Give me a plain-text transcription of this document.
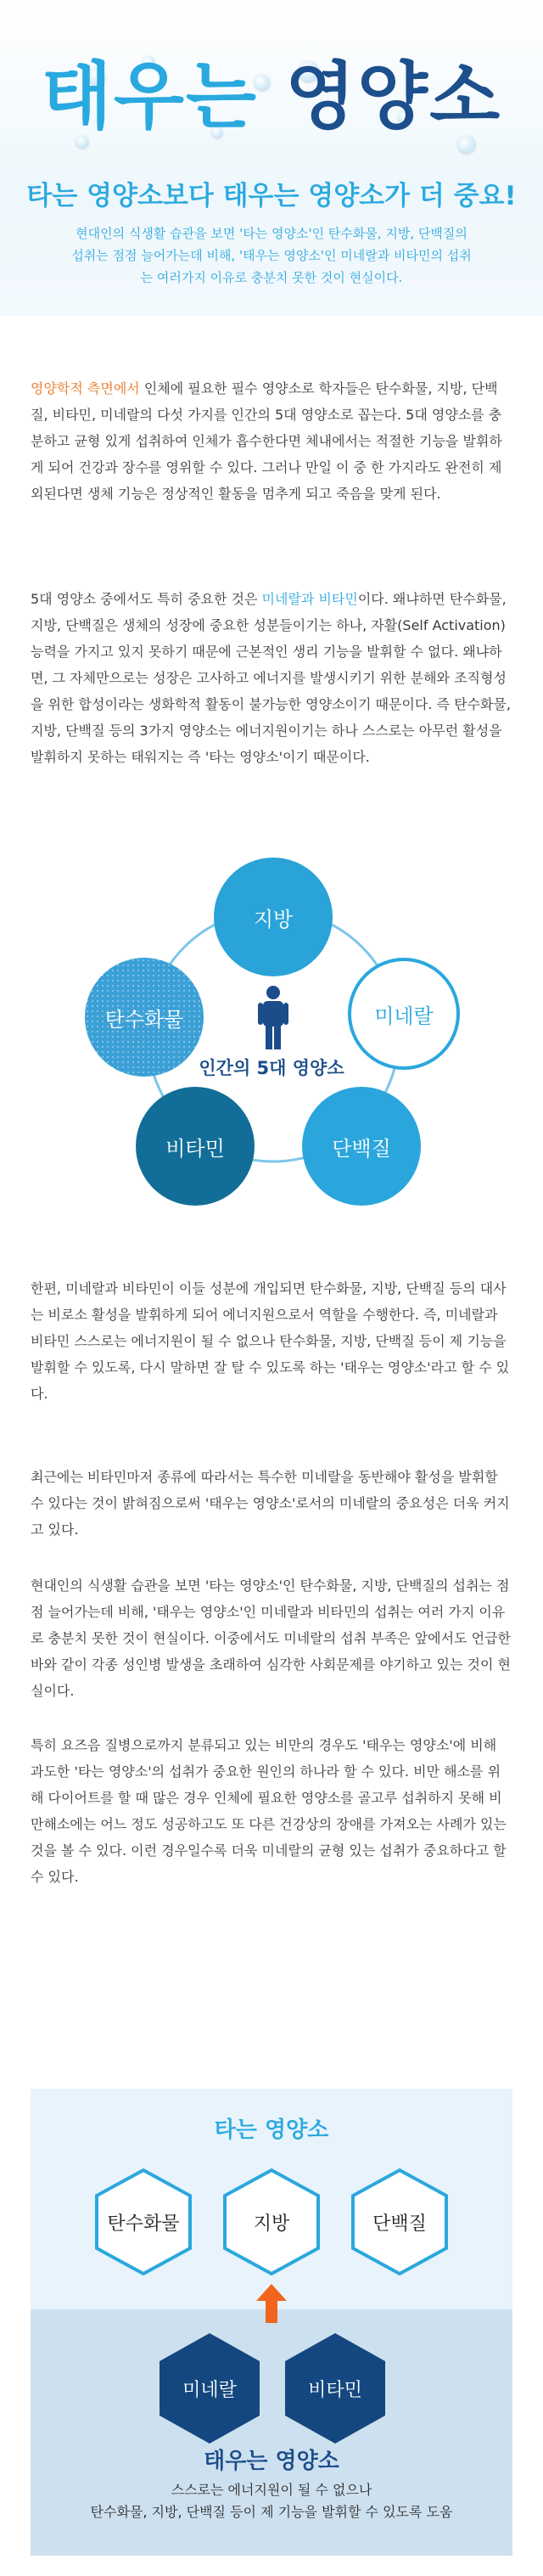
태우는 영양소
타는 영양소보다 태우는 영양소가 더 중요!
현대인의 식생활 습관을 보면 '타는 영양소'인 탄수화물, 지방, 단백질의 섭취는 점점 늘어가는데 비해, '태우는 영양소'인 미네랄과 비타민의 섭취는 여러가지 이유로 충분치 못한 것이 현실이다.

영양학적 측면에서 인체에 필요한 필수 영양소로 학자들은 탄수화물, 지방, 단백질, 비타민, 미네랄의 다섯 가지를 인간의 5대 영양소로 꼽는다. 5대 영양소를 충분하고 균형 있게 섭취하여 인체가 흡수한다면 체내에서는 적절한 기능을 발휘하게 되어 건강과 장수를 영위할 수 있다. 그러나 만일 이 중 한 가지라도 완전히 제외된다면 생체 기능은 정상적인 활동을 멈추게 되고 죽음을 맞게 된다.

5대 영양소 중에서도 특히 중요한 것은 미네랄과 비타민이다. 왜냐하면 탄수화물, 지방, 단백질은 생체의 성장에 중요한 성분들이기는 하나, 자활(Self Activation) 능력을 가지고 있지 못하기 때문에 근본적인 생리 기능을 발휘할 수 없다. 왜냐하면, 그 자체만으로는 성장은 고사하고 에너지를 발생시키기 위한 분해와 조직형성을 위한 합성이라는 생화학적 활동이 불가능한 영양소이기 때문이다. 즉 탄수화물, 지방, 단백질 등의 3가지 영양소는 에너지원이기는 하나 스스로는 아무런 활성을 발휘하지 못하는 태워지는 즉 '타는 영양소'이기 때문이다.

지방
탄수화물	미네랄
비타민	단백질
인간의 5대 영양소

한편, 미네랄과 비타민이 이들 성분에 개입되면 탄수화물, 지방, 단백질 등의 대사는 비로소 활성을 발휘하게 되어 에너지원으로서 역할을 수행한다. 즉, 미네랄과 비타민 스스로는 에너지원이 될 수 없으나 탄수화물, 지방, 단백질 등이 제 기능을 발휘할 수 있도록, 다시 말하면 잘 탈 수 있도록 하는 '태우는 영양소'라고 할 수 있다.

최근에는 비타민마저 종류에 따라서는 특수한 미네랄을 동반해야 활성을 발휘할 수 있다는 것이 밝혀짐으로써 '태우는 영양소'로서의 미네랄의 중요성은 더욱 커지고 있다.

현대인의 식생활 습관을 보면 '타는 영양소'인 탄수화물, 지방, 단백질의 섭취는 점점 늘어가는데 비해, '태우는 영양소'인 미네랄과 비타민의 섭취는 여러 가지 이유로 충분치 못한 것이 현실이다. 이중에서도 미네랄의 섭취 부족은 앞에서도 언급한 바와 같이 각종 성인병 발생을 초래하여 심각한 사회문제를 야기하고 있는 것이 현실이다.

특히 요즈음 질병으로까지 분류되고 있는 비만의 경우도 '태우는 영양소'에 비해 과도한 '타는 영양소'의 섭취가 중요한 원인의 하나라 할 수 있다. 비만 해소를 위해 다이어트를 할 때 많은 경우 인체에 필요한 영양소를 골고루 섭취하지 못해 비만해소에는 어느 정도 성공하고도 또 다른 건강상의 장애를 가져오는 사례가 있는 것을 볼 수 있다. 이런 경우일수록 더욱 미네랄의 균형 있는 섭취가 중요하다고 할 수 있다.

타는 영양소
탄수화물	지방	단백질
미네랄	비타민
태우는 영양소
스스로는 에너지원이 될 수 없으나
탄수화물, 지방, 단백질 등이 제 기능을 발휘할 수 있도록 도움
